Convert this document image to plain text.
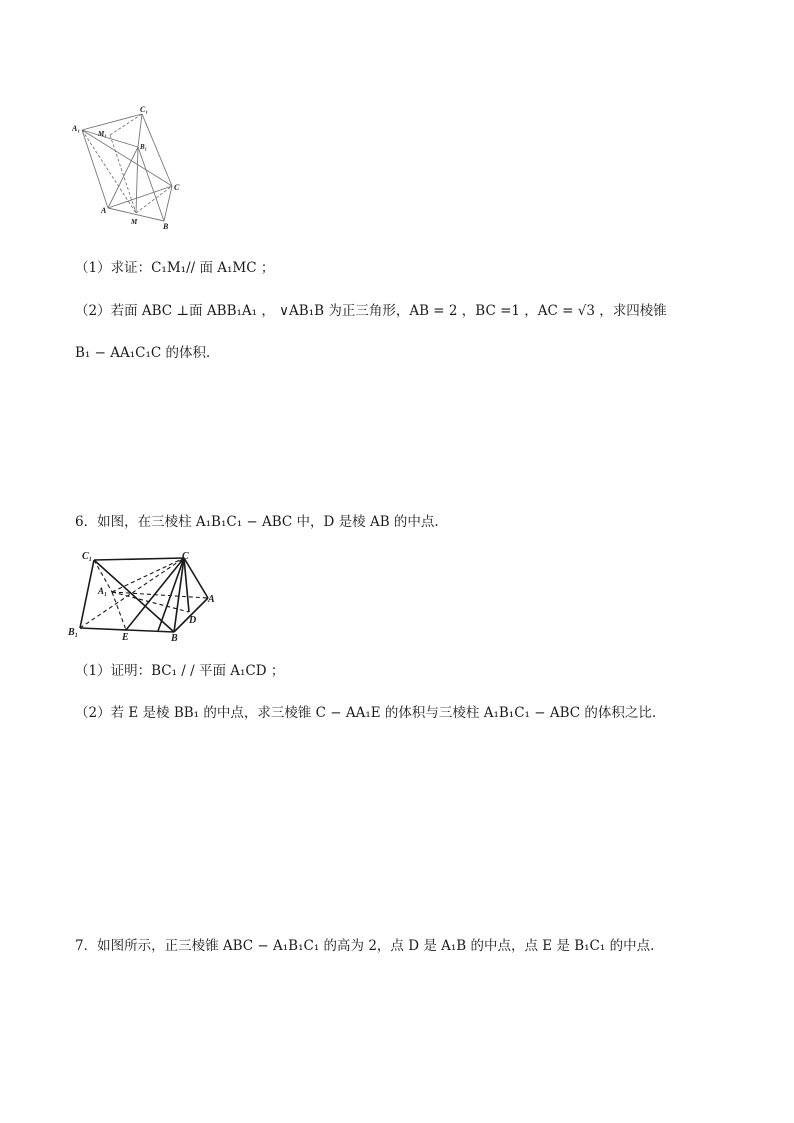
C₁
A₁
M₁
B₁
C
A
M	B
（1）求证：C₁M₁// 面 A₁MC ；
（2）若面 ABC ⊥面 ABB₁A₁ ， ∨AB₁B 为正三角形，AB = 2 ，BC =1 ，AC = √3 ，求四棱锥
B₁ − AA₁C₁C 的体积．
6．如图，在三棱柱 A₁B₁C₁ − ABC 中，D 是棱 AB 的中点.
C₁	C
A₁
A
D
B₁	E	B
（1）证明：BC₁ / / 平面 A₁CD ；
（2）若 E 是棱 BB₁ 的中点，求三棱锥 C − AA₁E 的体积与三棱柱 A₁B₁C₁ − ABC 的体积之比.
7．如图所示，正三棱锥 ABC − A₁B₁C₁ 的高为 2，点 D 是 A₁B 的中点，点 E 是 B₁C₁ 的中点.
